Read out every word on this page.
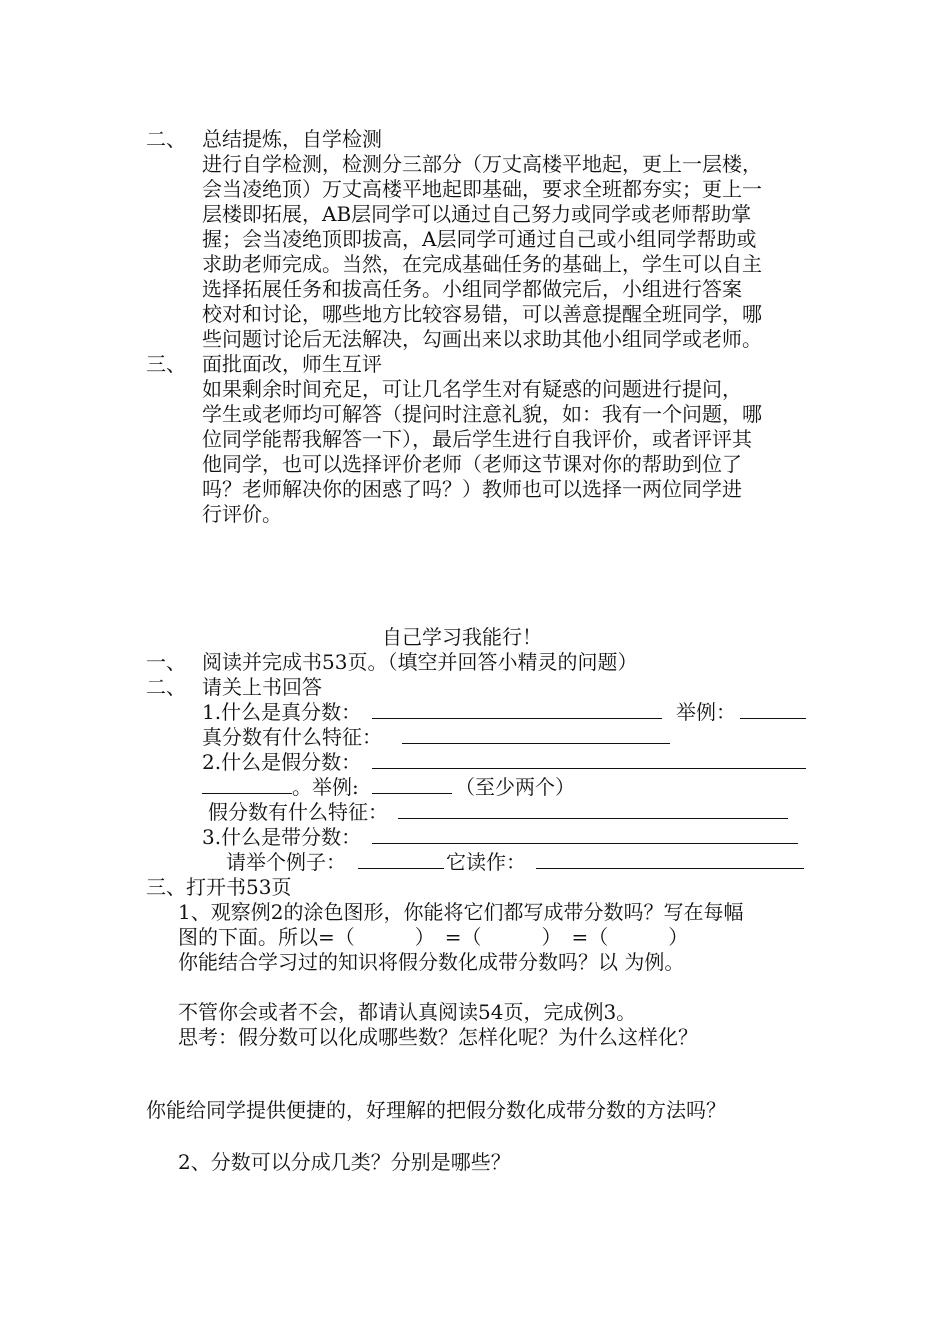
二、 总结提炼，自学检测
进行自学检测，检测分三部分（万丈高楼平地起，更上一层楼，
会当凌绝顶）万丈高楼平地起即基础，要求全班都夯实；更上一
层楼即拓展，AB层同学可以通过自己努力或同学或老师帮助掌
握；会当凌绝顶即拔高，A层同学可通过自己或小组同学帮助或
求助老师完成。当然，在完成基础任务的基础上，学生可以自主
选择拓展任务和拔高任务。小组同学都做完后，小组进行答案
校对和讨论，哪些地方比较容易错，可以善意提醒全班同学，哪
些问题讨论后无法解决，勾画出来以求助其他小组同学或老师。
三、 面批面改，师生互评
如果剩余时间充足，可让几名学生对有疑惑的问题进行提问，
学生或老师均可解答（提问时注意礼貌，如：我有一个问题，哪
位同学能帮我解答一下），最后学生进行自我评价，或者评评其
他同学，也可以选择评价老师（老师这节课对你的帮助到位了
吗？老师解决你的困惑了吗？）教师也可以选择一两位同学进
行评价。
自己学习我能行！
一、 阅读并完成书53页。（填空并回答小精灵的问题）
二、 请关上书回答
1.什么是真分数：	举例：
真分数有什么特征：
2.什么是假分数：
。举例:	（至少两个）
假分数有什么特征：
3.什么是带分数：
请举个例子：	它读作：
三、打开书53页
1、观察例2的涂色图形，你能将它们都写成带分数吗？写在每幅
图的下面。所以=（　　　）　=（　　　）　=（　　　）
你能结合学习过的知识将假分数化成带分数吗？以 为例。
不管你会或者不会，都请认真阅读54页，完成例3。
思考：假分数可以化成哪些数？怎样化呢？为什么这样化？
你能给同学提供便捷的，好理解的把假分数化成带分数的方法吗？
2、分数可以分成几类？分别是哪些？
